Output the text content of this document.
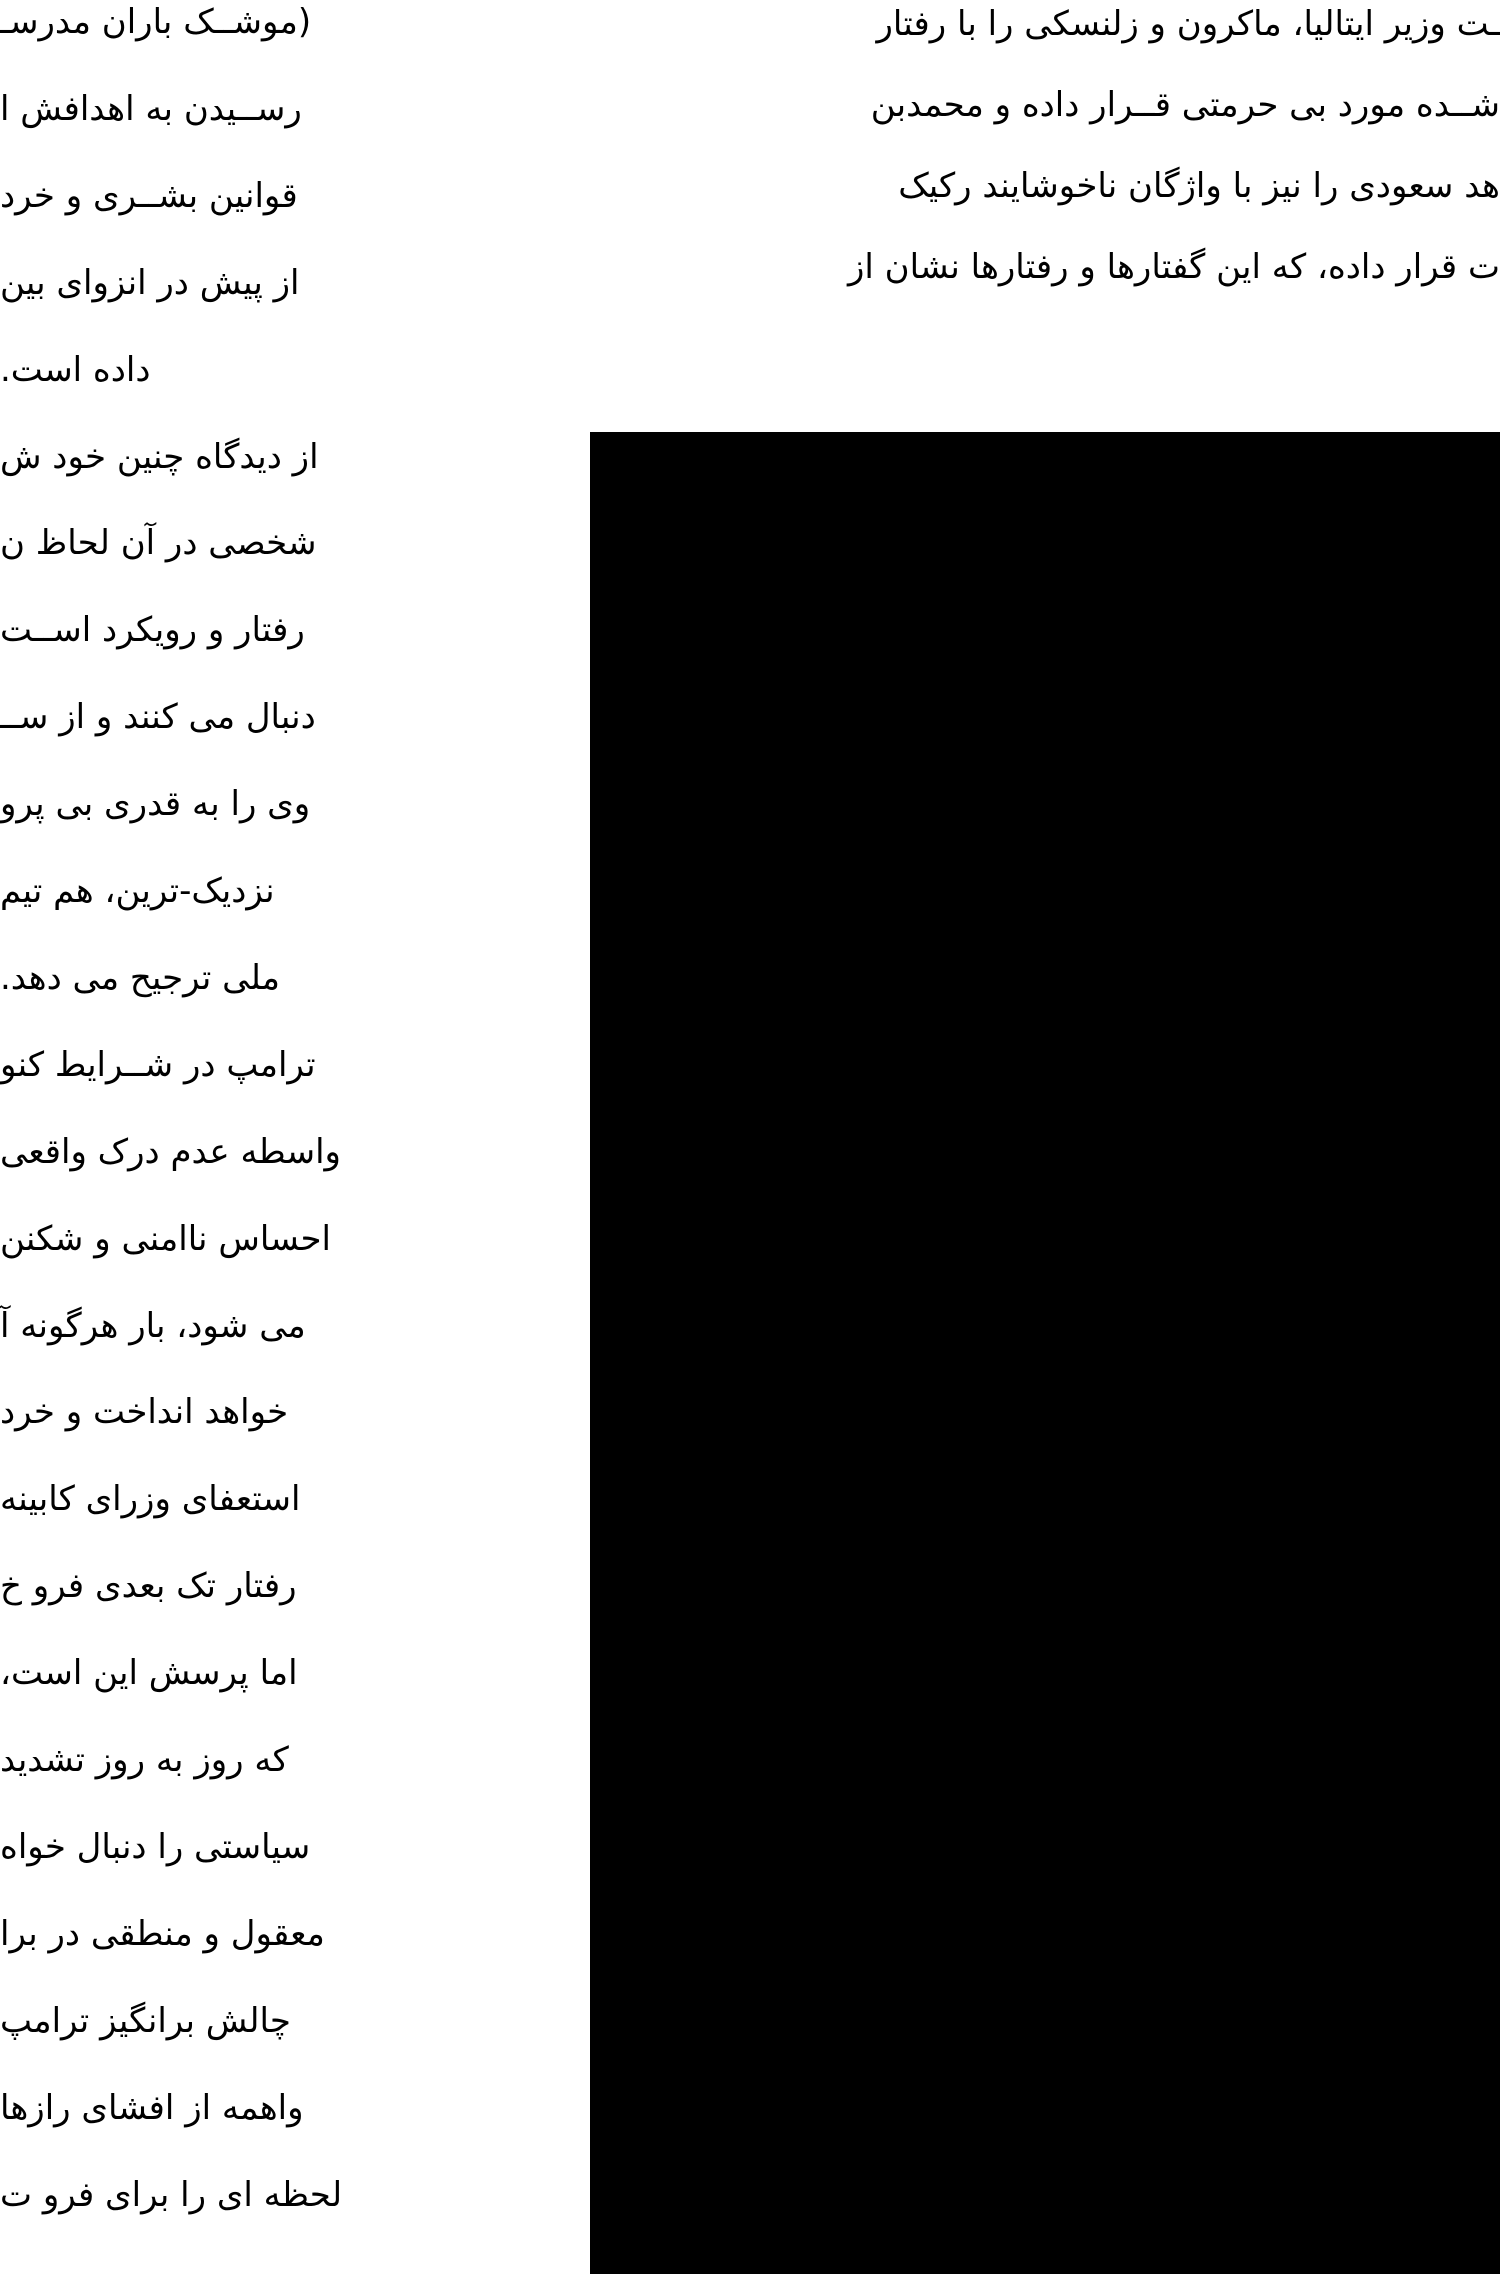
(موشــک باران مدرسـ
رســیدن به اهدافش ا
قوانین بشــری و خرد
از پیش در انزوای بین
داده است.
از دیدگاه چنین خود ش
شخصی در آن لحاظ ن
رفتار و رویکرد اســت
دنبال می کنند و از ســ
وی را به قدری بی پرو
نزدیک-ترین، هم تیم
ملی ترجیح می دهد.
ترامپ در شــرایط کنو
واسطه عدم درک واقعی
احساس ناامنی و شکنن
می شود، بار هرگونه آ
خواهد انداخت و خرد
استعفای وزرای کابینه
رفتار تک بعدی فرو خ
اما پرسش این است،
که روز به روز تشدید
سیاستی را دنبال خواه
معقول و منطقی در برا
چالش برانگیز ترامپ
واهمه از افشای رازها
لحظه ای را برای فرو ت
ـت وزیر ایتالیا، ماکرون و زلنسکی را با رفتار
شــده مورد بی حرمتی قــرار داده و محمدبن
هد سعودی را نیز با واژگان ناخوشایند رکیک
ت قرار داده، که این گفتارها و رفتارها نشان از
